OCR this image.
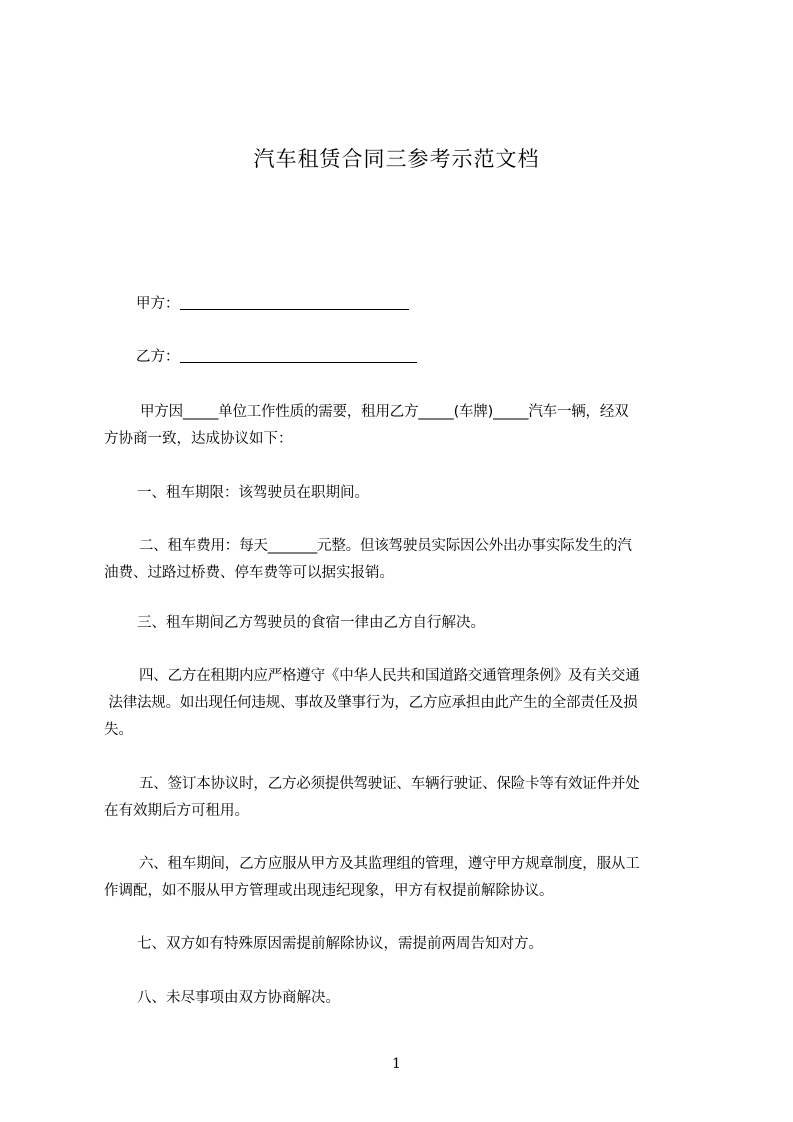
汽车租赁合同三参考示范文档
甲方：
乙方：
甲方因_____单位工作性质的需要，租用乙方_____(车牌)_____汽车一辆，经双
方协商一致，达成协议如下：
一、租车期限：该驾驶员在职期间。
二、租车费用：每天_______元整。但该驾驶员实际因公外出办事实际发生的汽
油费、过路过桥费、停车费等可以据实报销。
三、租车期间乙方驾驶员的食宿一律由乙方自行解决。
四、乙方在租期内应严格遵守《中华人民共和国道路交通管理条例》及有关交通
法律法规。如出现任何违规、事故及肇事行为，乙方应承担由此产生的全部责任及损
失。
五、签订本协议时，乙方必须提供驾驶证、车辆行驶证、保险卡等有效证件并处
在有效期后方可租用。
六、租车期间，乙方应服从甲方及其监理组的管理，遵守甲方规章制度，服从工
作调配，如不服从甲方管理或出现违纪现象，甲方有权提前解除协议。
七、双方如有特殊原因需提前解除协议，需提前两周告知对方。
八、未尽事项由双方协商解决。
1
